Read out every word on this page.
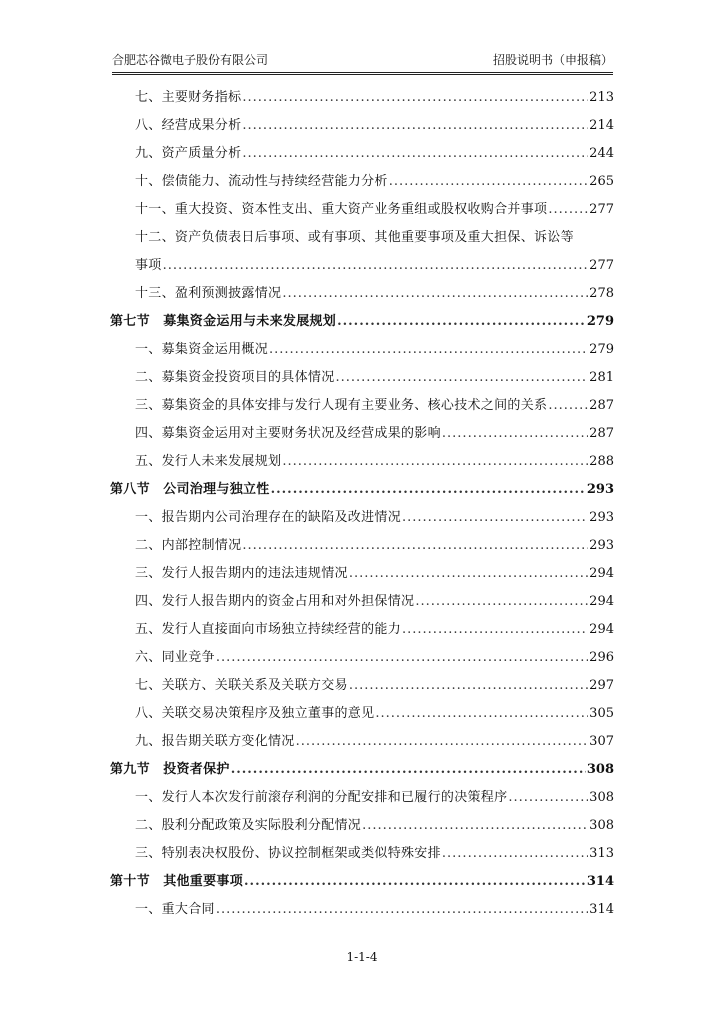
合肥芯谷微电子股份有限公司	招股说明书（申报稿）
七、主要财务指标 .....	213
八、经营成果分析 .....	214
九、资产质量分析 .....	244
十、偿债能力、流动性与持续经营能力分析 .....	265
十一、重大投资、资本性支出、重大资产业务重组或股权收购合并事项 .....	277
十二、资产负债表日后事项、或有事项、其他重要事项及重大担保、诉讼等
事项 .....	277
十三、盈利预测披露情况 .....	278
第七节　募集资金运用与未来发展规划 .....	279
一、募集资金运用概况 .....	279
二、募集资金投资项目的具体情况 .....	281
三、募集资金的具体安排与发行人现有主要业务、核心技术之间的关系 .....	287
四、募集资金运用对主要财务状况及经营成果的影响 .....	287
五、发行人未来发展规划 .....	288
第八节　公司治理与独立性 .....	293
一、报告期内公司治理存在的缺陷及改进情况 .....	293
二、内部控制情况 .....	293
三、发行人报告期内的违法违规情况 .....	294
四、发行人报告期内的资金占用和对外担保情况 .....	294
五、发行人直接面向市场独立持续经营的能力 .....	294
六、同业竞争 .....	296
七、关联方、关联关系及关联方交易 .....	297
八、关联交易决策程序及独立董事的意见 .....	305
九、报告期关联方变化情况 .....	307
第九节　投资者保护 .....	308
一、发行人本次发行前滚存利润的分配安排和已履行的决策程序 .....	308
二、股利分配政策及实际股利分配情况 .....	308
三、特别表决权股份、协议控制框架或类似特殊安排 .....	313
第十节　其他重要事项 .....	314
一、重大合同 .....	314
1-1-4
